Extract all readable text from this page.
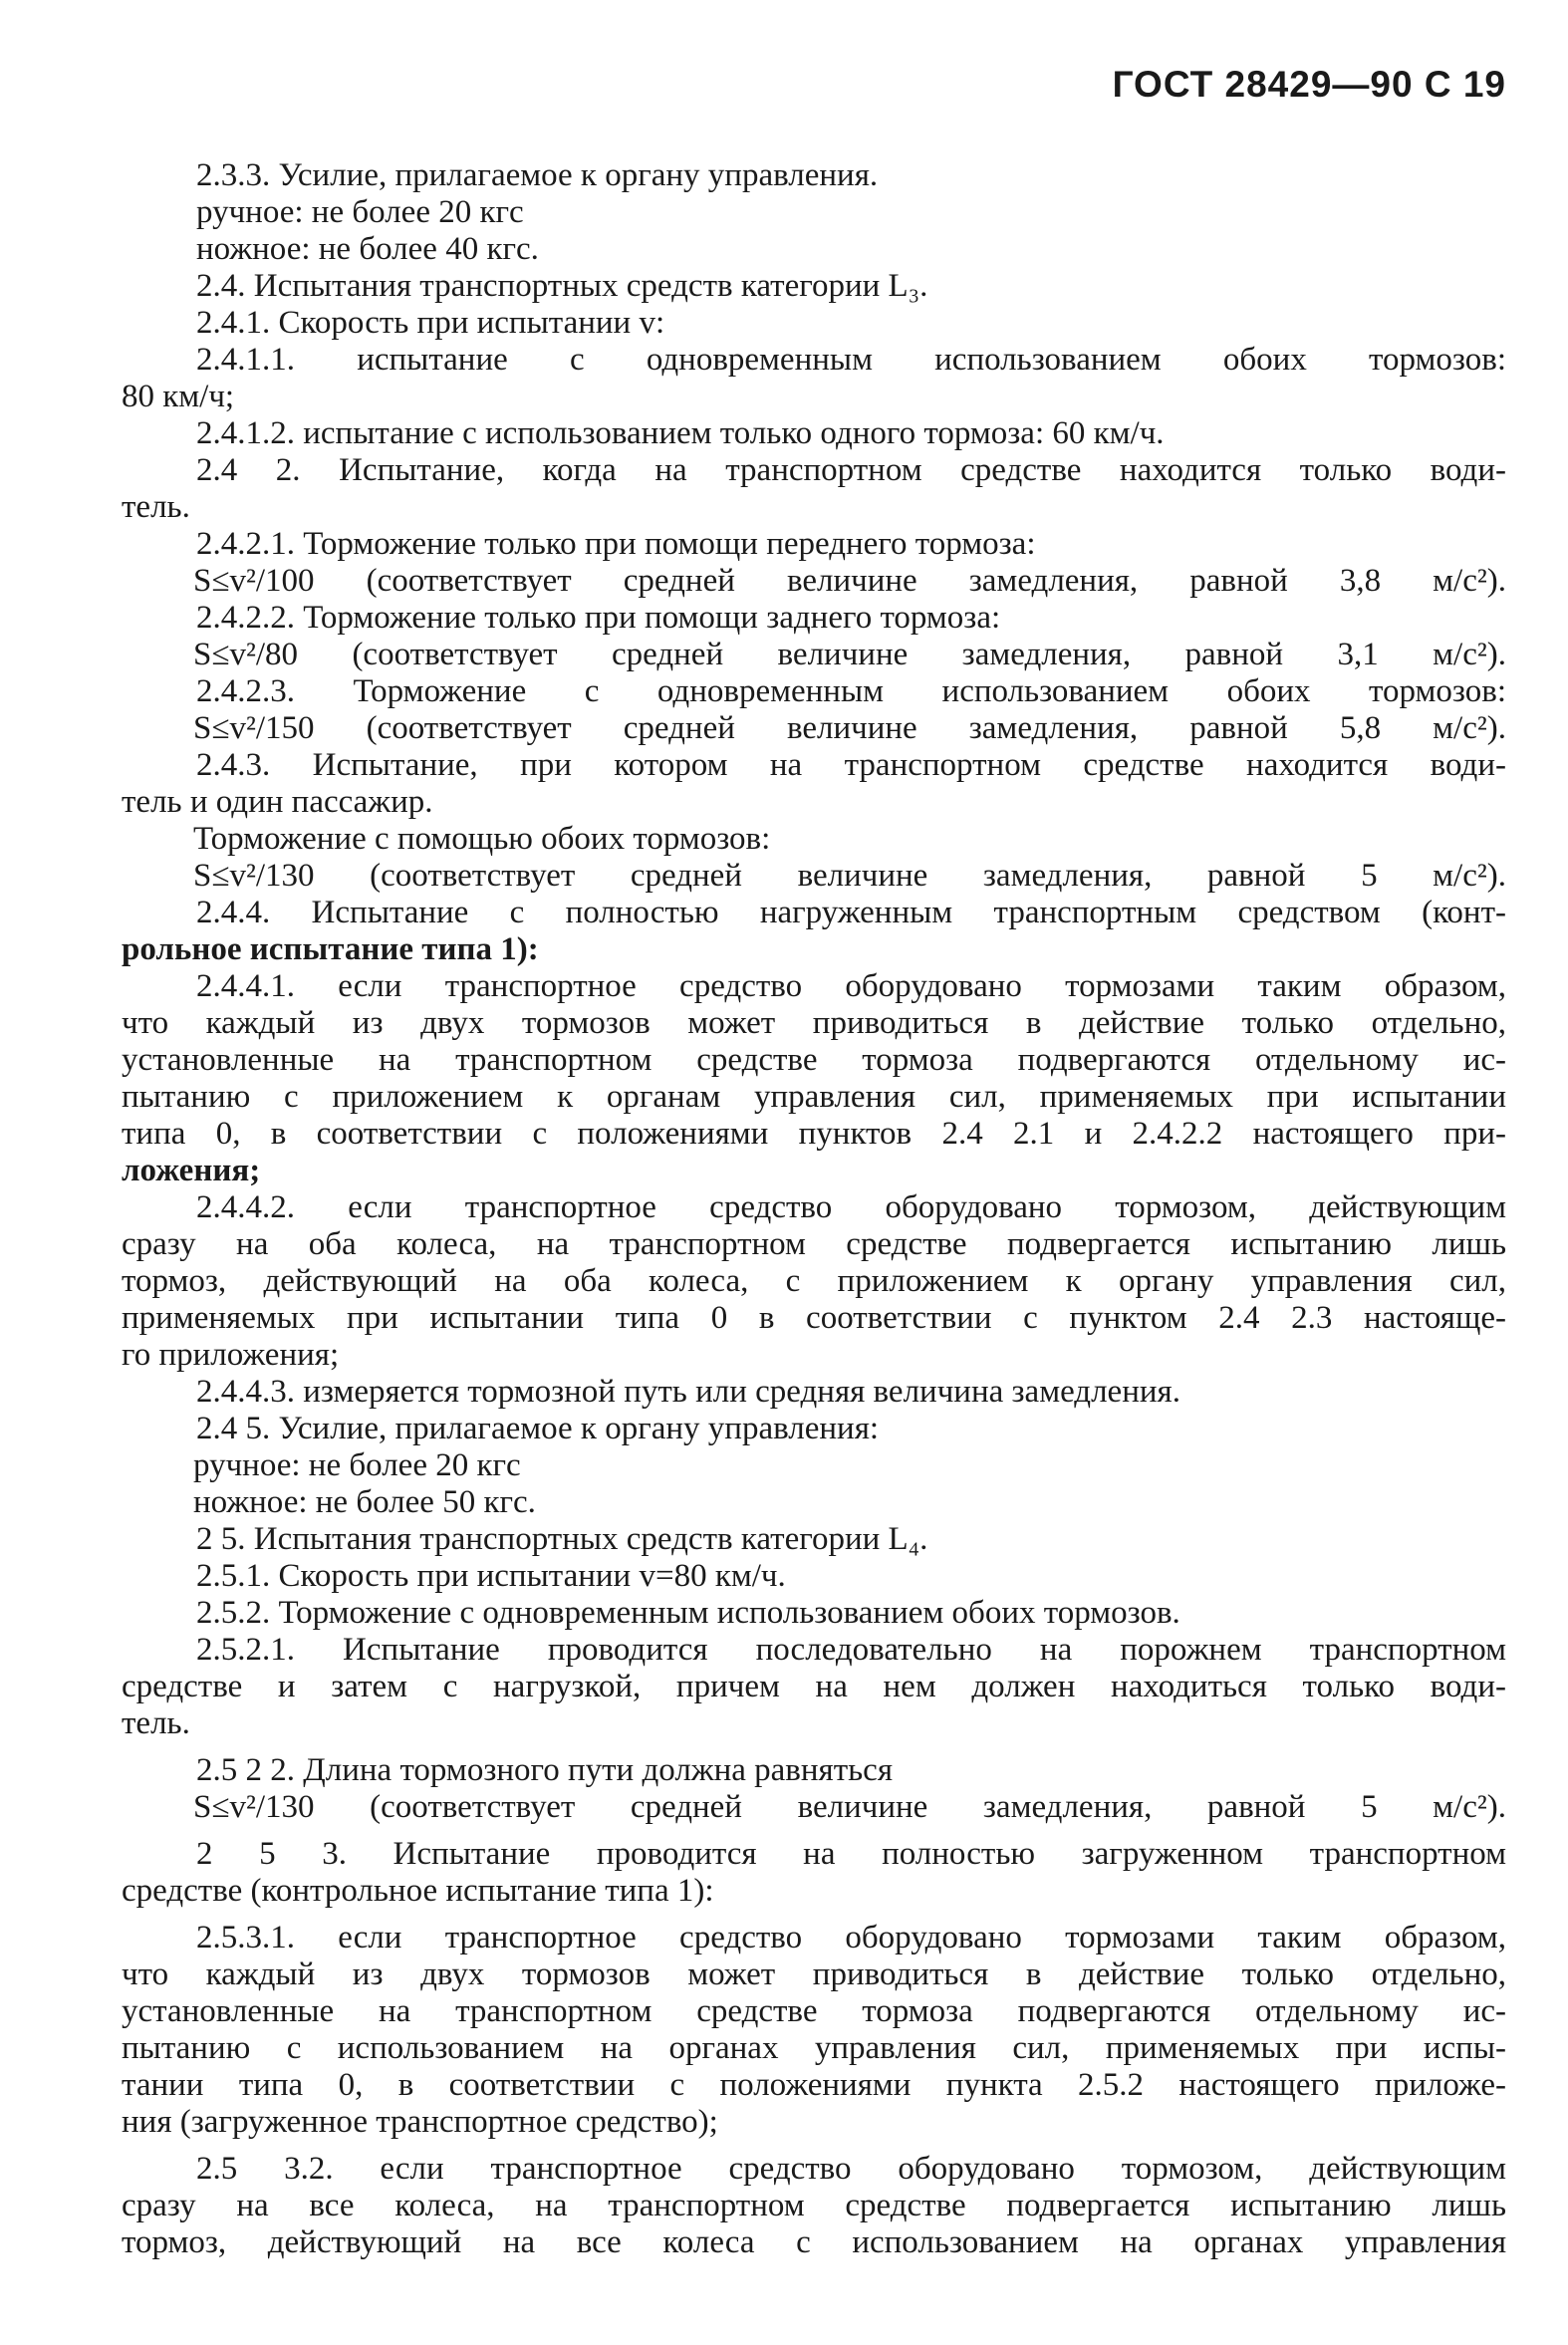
ГОСТ 28429—90 С 19
2.3.3. Усилие, прилагаемое к органу управления.
ручное: не более 20 кгс
ножное: не более 40 кгс.
2.4. Испытания транспортных средств категории L₃.
2.4.1. Скорость при испытании v:
2.4.1.1. испытание с одновременным использованием обоих тормозов:
80 км/ч;
2.4.1.2. испытание с использованием только одного тормоза: 60 км/ч.
2.4 2. Испытание, когда на транспортном средстве находится только води-
тель.
2.4.2.1. Торможение только при помощи переднего тормоза:
S≤v²/100 (соответствует средней величине замедления, равной 3,8 м/с²).
2.4.2.2. Торможение только при помощи заднего тормоза:
S≤v²/80 (соответствует средней величине замедления, равной 3,1 м/с²).
2.4.2.3. Торможение с одновременным использованием обоих тормозов:
S≤v²/150 (соответствует средней величине замедления, равной 5,8 м/с²).
2.4.3. Испытание, при котором на транспортном средстве находится води-
тель и один пассажир.
Торможение с помощью обоих тормозов:
S≤v²/130 (соответствует средней величине замедления, равной 5 м/с²).
2.4.4. Испытание с полностью нагруженным транспортным средством (конт-
рольное испытание типа 1):
2.4.4.1. если транспортное средство оборудовано тормозами таким образом,
что каждый из двух тормозов может приводиться в действие только отдельно,
установленные на транспортном средстве тормоза подвергаются отдельному ис-
пытанию с приложением к органам управления сил, применяемых при испытании
типа 0, в соответствии с положениями пунктов 2.4 2.1 и 2.4.2.2 настоящего при-
ложения;
2.4.4.2. если транспортное средство оборудовано тормозом, действующим
сразу на оба колеса, на транспортном средстве подвергается испытанию лишь
тормоз, действующий на оба колеса, с приложением к органу управления сил,
применяемых при испытании типа 0 в соответствии с пунктом 2.4 2.3 настояще-
го приложения;
2.4.4.3. измеряется тормозной путь или средняя величина замедления.
2.4 5. Усилие, прилагаемое к органу управления:
ручное: не более 20 кгс
ножное: не более 50 кгс.
2 5. Испытания транспортных средств категории L₄.
2.5.1. Скорость при испытании v=80 км/ч.
2.5.2. Торможение с одновременным использованием обоих тормозов.
2.5.2.1. Испытание проводится последовательно на порожнем транспортном
средстве и затем с нагрузкой, причем на нем должен находиться только води-
тель.
2.5 2 2. Длина тормозного пути должна равняться
S≤v²/130 (соответствует средней величине замедления, равной 5 м/с²).
2 5 3. Испытание проводится на полностью загруженном транспортном
средстве (контрольное испытание типа 1):
2.5.3.1. если транспортное средство оборудовано тормозами таким образом,
что каждый из двух тормозов может приводиться в действие только отдельно,
установленные на транспортном средстве тормоза подвергаются отдельному ис-
пытанию с использованием на органах управления сил, применяемых при испы-
тании типа 0, в соответствии с положениями пункта 2.5.2 настоящего приложе-
ния (загруженное транспортное средство);
2.5 3.2. если транспортное средство оборудовано тормозом, действующим
сразу на все колеса, на транспортном средстве подвергается испытанию лишь
тормоз, действующий на все колеса с использованием на органах управления
